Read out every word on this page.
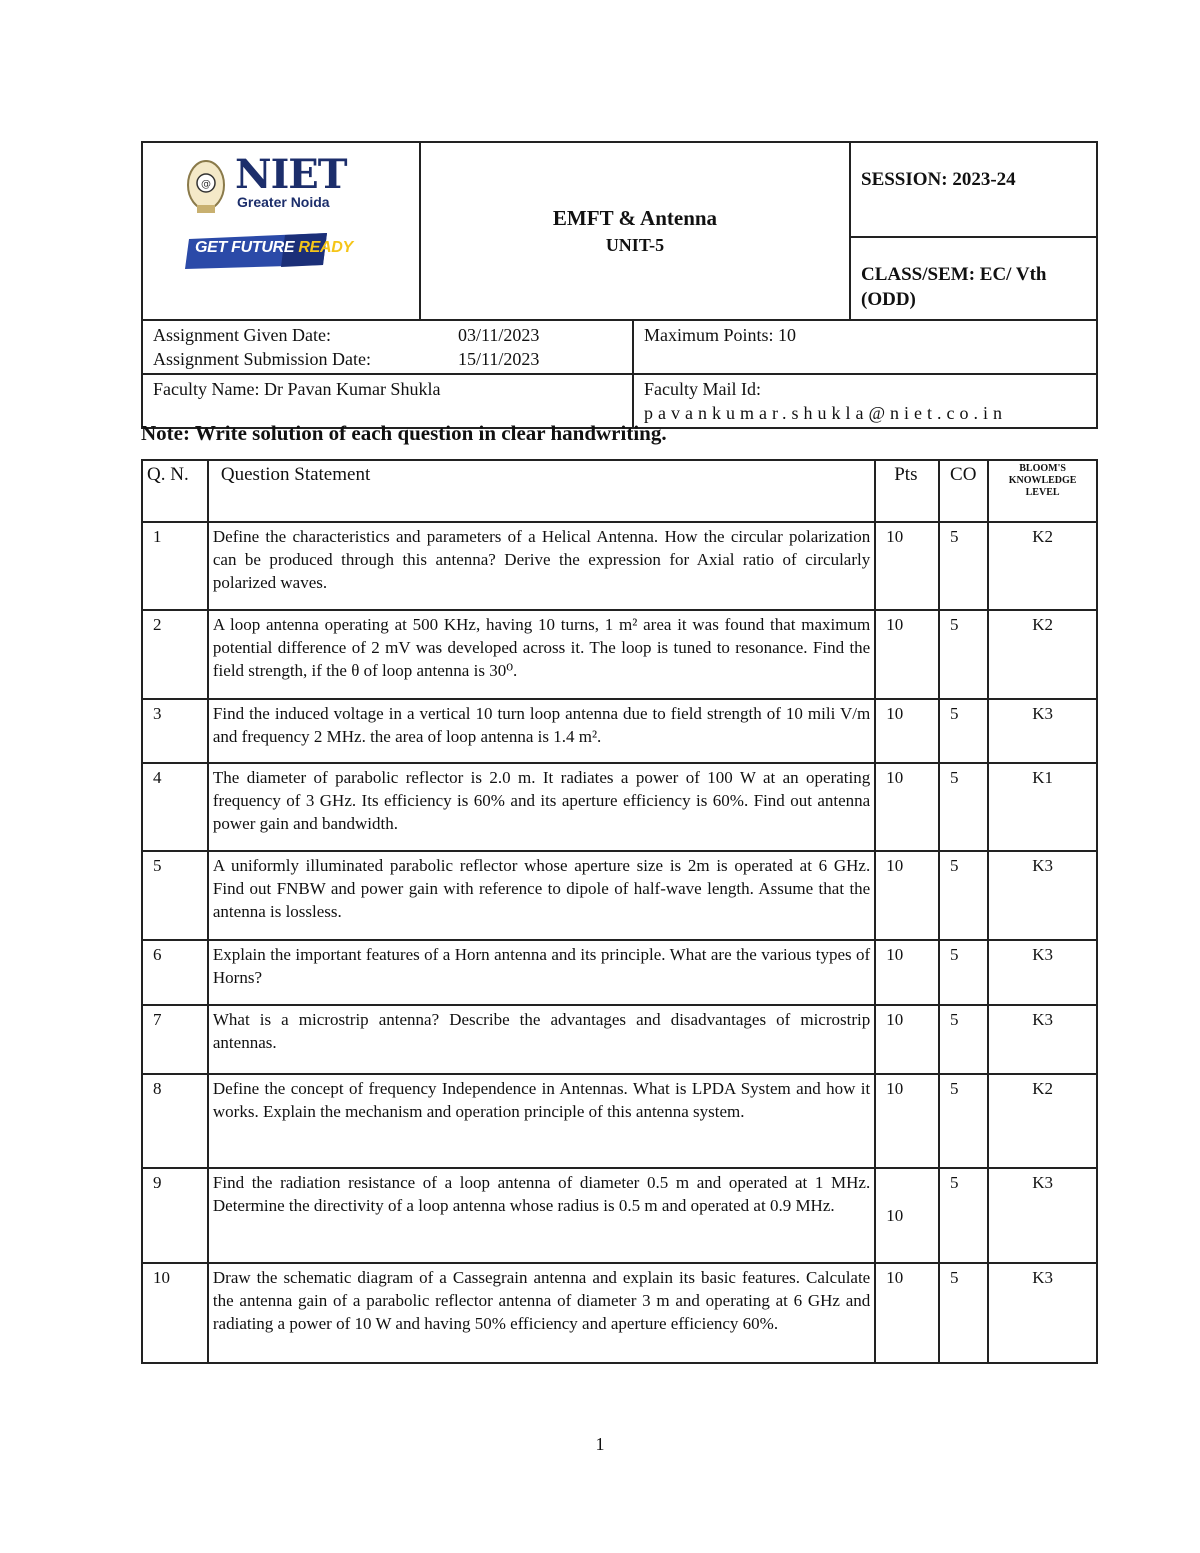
@ NIET
Greater Noida
GET FUTURE READY
EMFT & Antenna
UNIT-5
SESSION: 2023-24
CLASS/SEM: EC/ Vth (ODD)
Assignment Given Date:	03/11/2023
Assignment Submission Date:	15/11/2023
Maximum Points: 10
Faculty Name: Dr Pavan Kumar Shukla	Faculty Mail Id:
pavankumar.shukla@niet.co.in
Note: Write solution of each question in clear handwriting.
Q. N.	Question Statement	Pts	CO	BLOOM'S KNOWLEDGE LEVEL
1	Define the characteristics and parameters of a Helical Antenna. How the circular polarization can be produced through this antenna? Derive the expression for Axial ratio of circularly polarized waves.	10	5	K2
2	A loop antenna operating at 500 KHz, having 10 turns, 1 m² area it was found that maximum potential difference of 2 mV was developed across it. The loop is tuned to resonance. Find the field strength, if the θ of loop antenna is 30⁰.	10	5	K2
3	Find the induced voltage in a vertical 10 turn loop antenna due to field strength of 10 mili V/m and frequency 2 MHz. the area of loop antenna is 1.4 m².	10	5	K3
4	The diameter of parabolic reflector is 2.0 m. It radiates a power of 100 W at an operating frequency of 3 GHz. Its efficiency is 60% and its aperture efficiency is 60%. Find out antenna power gain and bandwidth.	10	5	K1
5	A uniformly illuminated parabolic reflector whose aperture size is 2m is operated at 6 GHz. Find out FNBW and power gain with reference to dipole of half-wave length. Assume that the antenna is lossless.	10	5	K3
6	Explain the important features of a Horn antenna and its principle. What are the various types of Horns?	10	5	K3
7	What is a microstrip antenna? Describe the advantages and disadvantages of microstrip antennas.	10	5	K3
8	Define the concept of frequency Independence in Antennas. What is LPDA System and how it works. Explain the mechanism and operation principle of this antenna system.	10	5	K2
9	Find the radiation resistance of a loop antenna of diameter 0.5 m and operated at 1 MHz. Determine the directivity of a loop antenna whose radius is 0.5 m and operated at 0.9 MHz.	10	5	K3
10	Draw the schematic diagram of a Cassegrain antenna and explain its basic features. Calculate the antenna gain of a parabolic reflector antenna of diameter 3 m and operating at 6 GHz and radiating a power of 10 W and having 50% efficiency and aperture efficiency 60%.	10	5	K3
1
